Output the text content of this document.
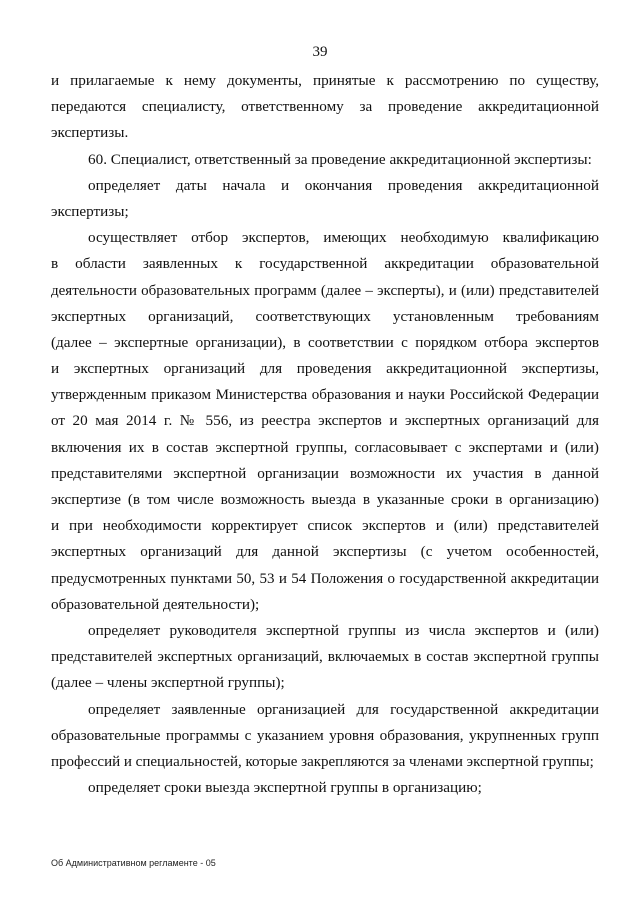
39
и прилагаемые к нему документы, принятые к рассмотрению по существу,
передаются специалисту, ответственному за проведение аккредитационной
экспертизы.
60. Специалист, ответственный за проведение аккредитационной экспертизы:
определяет даты начала и окончания проведения аккредитационной
экспертизы;
осуществляет отбор экспертов, имеющих необходимую квалификацию
в области заявленных к государственной аккредитации образовательной
деятельности образовательных программ (далее – эксперты), и (или) представителей
экспертных организаций, соответствующих установленным требованиям
(далее – экспертные организации), в соответствии с порядком отбора экспертов
и экспертных организаций для проведения аккредитационной экспертизы,
утвержденным приказом Министерства образования и науки Российской Федерации
от 20 мая 2014 г. № 556, из реестра экспертов и экспертных организаций для
включения их в состав экспертной группы, согласовывает с экспертами и (или)
представителями экспертной организации возможности их участия в данной
экспертизе (в том числе возможность выезда в указанные сроки в организацию)
и при необходимости корректирует список экспертов и (или) представителей
экспертных организаций для данной экспертизы (с учетом особенностей,
предусмотренных пунктами 50, 53 и 54 Положения о государственной аккредитации
образовательной деятельности);
определяет руководителя экспертной группы из числа экспертов и (или)
представителей экспертных организаций, включаемых в состав экспертной группы
(далее – члены экспертной группы);
определяет заявленные организацией для государственной аккредитации
образовательные программы с указанием уровня образования, укрупненных групп
профессий и специальностей, которые закрепляются за членами экспертной группы;
определяет сроки выезда экспертной группы в организацию;
Об Административном регламенте - 05
